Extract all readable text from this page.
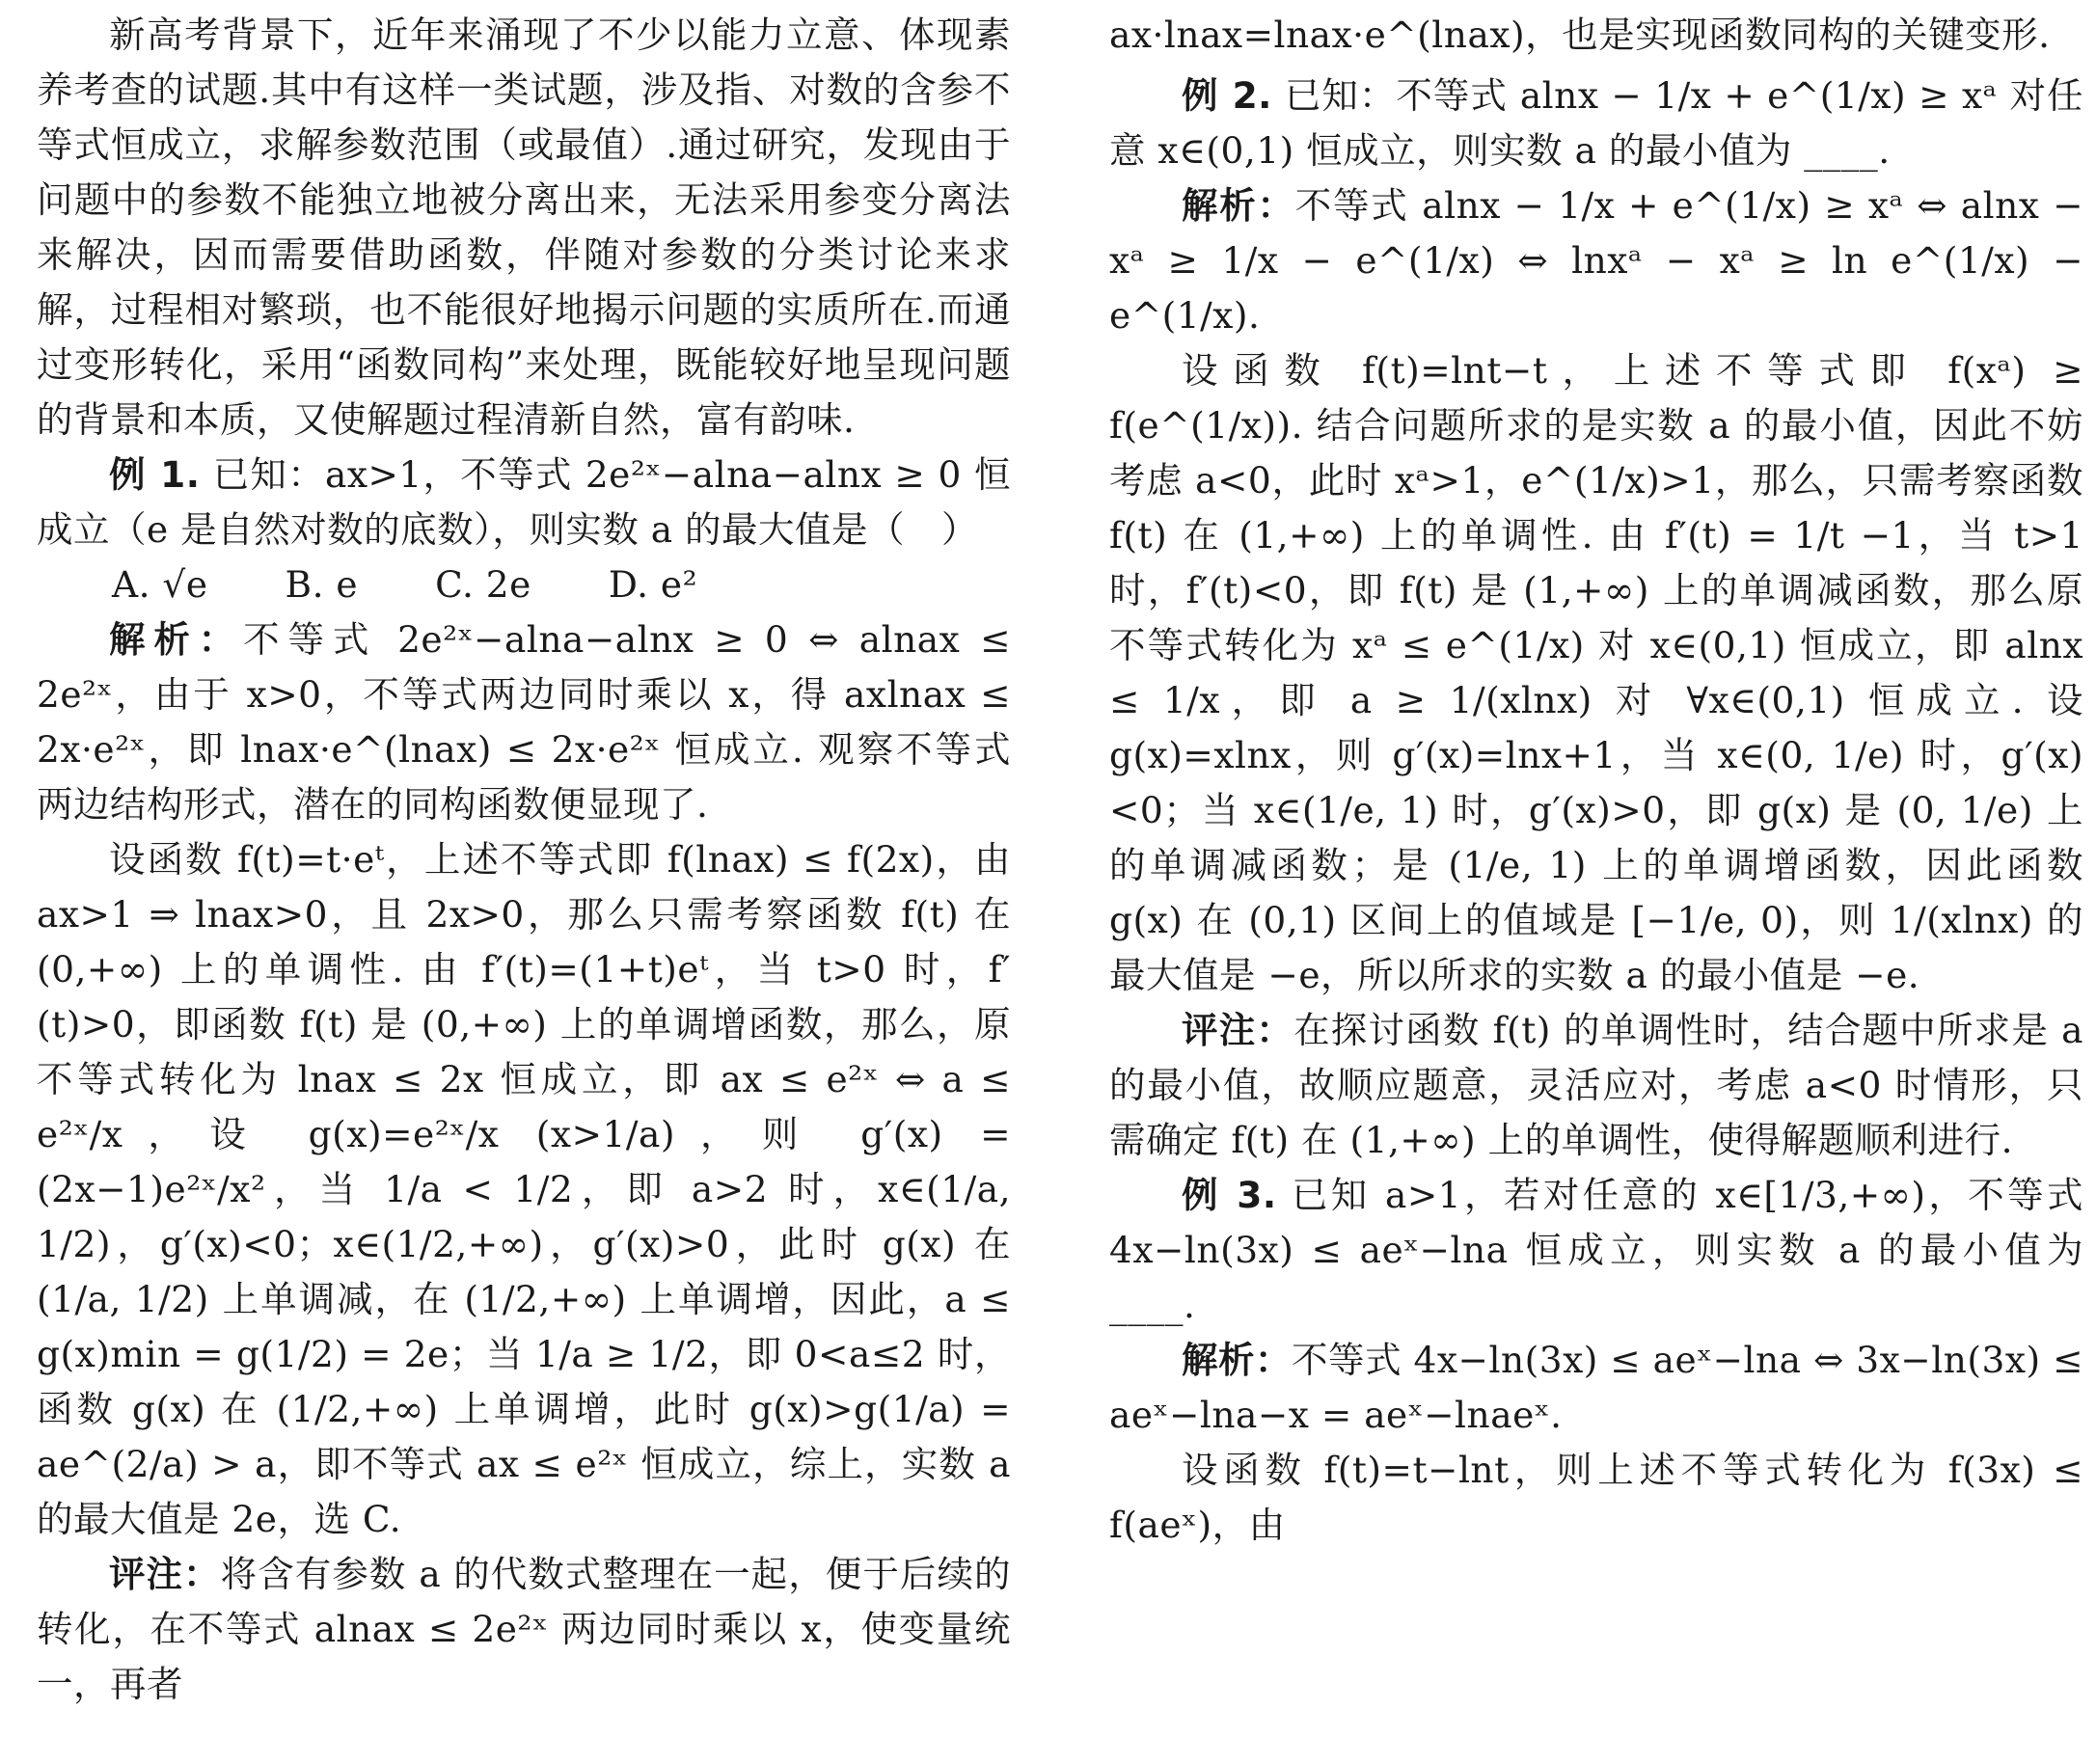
新高考背景下，近年来涌现了不少以能力立意、体现素养考查的试题.其中有这样一类试题，涉及指、对数的含参不等式恒成立，求解参数范围（或最值）.通过研究，发现由于问题中的参数不能独立地被分离出来，无法采用参变分离法来解决，因而需要借助函数，伴随对参数的分类讨论来求解，过程相对繁琐，也不能很好地揭示问题的实质所在.而通过变形转化，采用“函数同构”来处理，既能较好地呈现问题的背景和本质，又使解题过程清新自然，富有韵味.

例 1. 已知：ax>1，不等式 2e²ˣ−alna−alnx ≥ 0 恒成立（e 是自然对数的底数），则实数 a 的最大值是（　）

A. √e B. e C. 2e D. e²

解析：不等式 2e²ˣ−alna−alnx ≥ 0 ⇔ alnax ≤ 2e²ˣ，由于 x>0，不等式两边同时乘以 x，得 axlnax ≤ 2x·e²ˣ，即 lnax·e^(lnax) ≤ 2x·e²ˣ 恒成立. 观察不等式两边结构形式，潜在的同构函数便显现了.

设函数 f(t)=t·eᵗ，上述不等式即 f(lnax) ≤ f(2x)，由 ax>1 ⇒ lnax>0，且 2x>0，那么只需考察函数 f(t) 在 (0,+∞) 上的单调性. 由 f′(t)=(1+t)eᵗ，当 t>0 时，f′(t)>0，即函数 f(t) 是 (0,+∞) 上的单调增函数，那么，原不等式转化为 lnax ≤ 2x 恒成立，即 ax ≤ e²ˣ ⇔ a ≤ e²ˣ/x，设 g(x)=e²ˣ/x (x>1/a)，则 g′(x) = (2x−1)e²ˣ/x²，当 1/a < 1/2，即 a>2 时，x∈(1/a, 1/2)，g′(x)<0；x∈(1/2,+∞)，g′(x)>0，此时 g(x) 在 (1/a, 1/2) 上单调减，在 (1/2,+∞) 上单调增，因此，a ≤ g(x)min = g(1/2) = 2e；当 1/a ≥ 1/2，即 0<a≤2 时，函数 g(x) 在 (1/2,+∞) 上单调增，此时 g(x)>g(1/a) = ae^(2/a) > a，即不等式 ax ≤ e²ˣ 恒成立，综上，实数 a 的最大值是 2e，选 C.

评注：将含有参数 a 的代数式整理在一起，便于后续的转化，在不等式 alnax ≤ 2e²ˣ 两边同时乘以 x，使变量统一，再者

ax·lnax=lnax·e^(lnax)，也是实现函数同构的关键变形.

例 2. 已知：不等式 alnx − 1/x + e^(1/x) ≥ xᵃ 对任意 x∈(0,1) 恒成立，则实数 a 的最小值为 ____.

解析：不等式 alnx − 1/x + e^(1/x) ≥ xᵃ ⇔ alnx − xᵃ ≥ 1/x − e^(1/x) ⇔ lnxᵃ − xᵃ ≥ ln e^(1/x) − e^(1/x).

设函数 f(t)=lnt−t，上述不等式即 f(xᵃ) ≥ f(e^(1/x)). 结合问题所求的是实数 a 的最小值，因此不妨考虑 a<0，此时 xᵃ>1，e^(1/x)>1，那么，只需考察函数 f(t) 在 (1,+∞) 上的单调性. 由 f′(t) = 1/t −1，当 t>1 时，f′(t)<0，即 f(t) 是 (1,+∞) 上的单调减函数，那么原不等式转化为 xᵃ ≤ e^(1/x) 对 x∈(0,1) 恒成立，即 alnx ≤ 1/x，即 a ≥ 1/(xlnx) 对 ∀x∈(0,1) 恒成立. 设 g(x)=xlnx，则 g′(x)=lnx+1，当 x∈(0, 1/e) 时，g′(x)<0；当 x∈(1/e, 1) 时，g′(x)>0，即 g(x) 是 (0, 1/e) 上的单调减函数；是 (1/e, 1) 上的单调增函数，因此函数 g(x) 在 (0,1) 区间上的值域是 [−1/e, 0)，则 1/(xlnx) 的最大值是 −e，所以所求的实数 a 的最小值是 −e.

评注：在探讨函数 f(t) 的单调性时，结合题中所求是 a 的最小值，故顺应题意，灵活应对，考虑 a<0 时情形，只需确定 f(t) 在 (1,+∞) 上的单调性，使得解题顺利进行.

例 3. 已知 a>1，若对任意的 x∈[1/3,+∞)，不等式 4x−ln(3x) ≤ aeˣ−lna 恒成立，则实数 a 的最小值为 ____.

解析：不等式 4x−ln(3x) ≤ aeˣ−lna ⇔ 3x−ln(3x) ≤ aeˣ−lna−x = aeˣ−lnaeˣ.

设函数 f(t)=t−lnt，则上述不等式转化为 f(3x) ≤ f(aeˣ)，由
